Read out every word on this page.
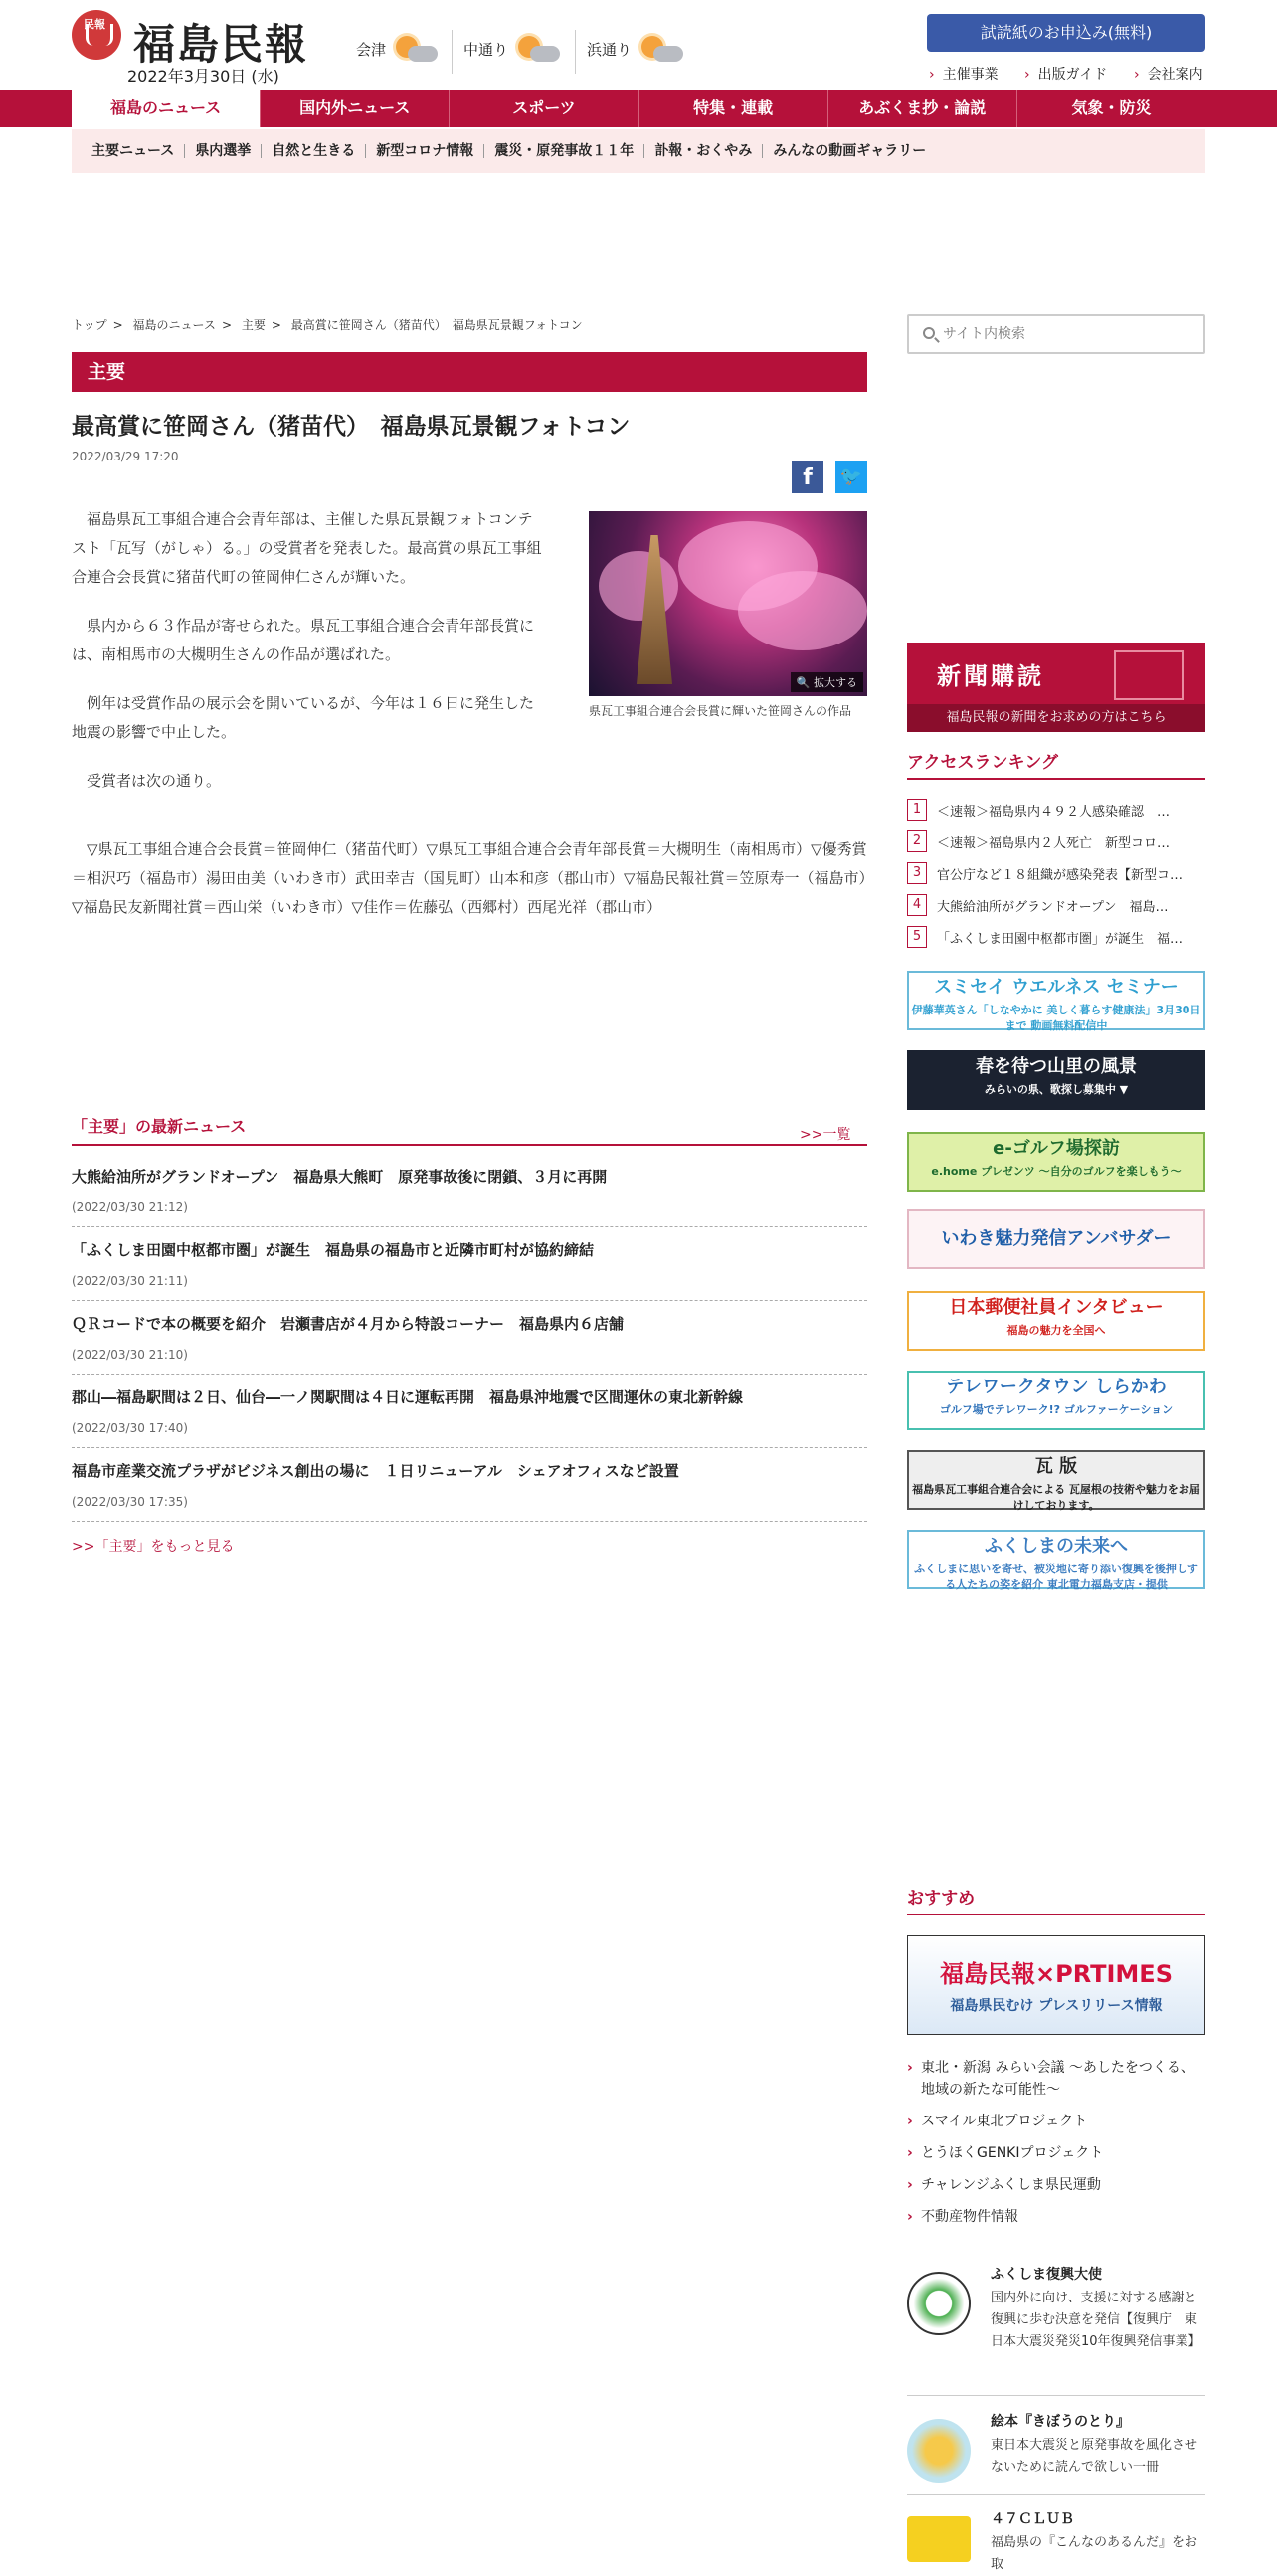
民報 福島民報
2022年3月30日 (水)
会津	中通り	浜通り
試読紙のお申込み(無料)
› 主催事業 › 出版ガイド › 会社案内
福島のニュース	国内外ニュース	スポーツ	特集・連載	あぶくま抄・論説	気象・防災
主要ニュース	県内選挙	自然と生きる	新型コロナ情報	震災・原発事故１１年	訃報・おくやみ	みんなの動画ギャラリー
トップ > 福島のニュース > 主要 > 最高賞に笹岡さん（猪苗代）　福島県瓦景観フォトコン
サイト内検索
主要
最高賞に笹岡さん（猪苗代）　福島県瓦景観フォトコン
2022/03/29 17:20
f	🐦

福島県瓦工事組合連合会青年部は、主催した県瓦景観フォトコンテスト「瓦写（がしゃ）る。」の受賞者を発表した。最高賞の県瓦工事組合連合会長賞に猪苗代町の笹岡伸仁さんが輝いた。

県内から６３作品が寄せられた。県瓦工事組合連合会青年部長賞には、南相馬市の大槻明生さんの作品が選ばれた。

例年は受賞作品の展示会を開いているが、今年は１６日に発生した地震の影響で中止した。

受賞者は次の通り。

🔍 拡大する
県瓦工事組合連合会長賞に輝いた笹岡さんの作品

▽県瓦工事組合連合会長賞＝笹岡伸仁（猪苗代町）▽県瓦工事組合連合会青年部長賞＝大槻明生（南相馬市）▽優秀賞＝相沢巧（福島市）湯田由美（いわき市）武田幸吉（国見町）山本和彦（郡山市）▽福島民報社賞＝笠原寿一（福島市）▽福島民友新聞社賞＝西山栄（いわき市）▽佳作＝佐藤弘（西郷村）西尾光祥（郡山市）

「主要」の最新ニュース	>>一覧
大熊給油所がグランドオープン　福島県大熊町　原発事故後に閉鎖、３月に再開
(2022/03/30 21:12)
「ふくしま田園中枢都市圏」が誕生　福島県の福島市と近隣市町村が協約締結
(2022/03/30 21:11)
ＱＲコードで本の概要を紹介　岩瀬書店が４月から特設コーナー　福島県内６店舗
(2022/03/30 21:10)
郡山―福島駅間は２日、仙台―一ノ関駅間は４日に運転再開　福島県沖地震で区間運休の東北新幹線
(2022/03/30 17:40)
福島市産業交流プラザがビジネス創出の場に　１日リニューアル　シェアオフィスなど設置
(2022/03/30 17:35)
>>「主要」をもっと見る
新聞購読
福島民報の新聞をお求めの方はこちら
アクセスランキング
1	＜速報＞福島県内４９２人感染確認　…
2	＜速報＞福島県内２人死亡　新型コロ…
3	官公庁など１８組織が感染発表【新型コ…
4	大熊給油所がグランドオープン　福島…
5	「ふくしま田園中枢都市圏」が誕生　福…
スミセイ ウエルネス セミナー
伊藤華英さん「しなやかに 美しく暮らす健康法」3月30日まで 動画無料配信中
春を待つ山里の風景
みらいの県、歌探し募集中 ▼
e-ゴルフ場探訪
e.home プレゼンツ 〜自分のゴルフを楽しもう〜
いわき魅力発信アンバサダー
日本郵便社員インタビュー
福島の魅力を全国へ
テレワークタウン しらかわ
ゴルフ場でテレワーク!? ゴルファーケーション
瓦 版
福島県瓦工事組合連合会による 瓦屋根の技術や魅力をお届けしております。
ふくしまの未来へ
ふくしまに思いを寄せ、被災地に寄り添い復興を後押しする人たちの姿を紹介 東北電力福島支店・提供
おすすめ
福島民報×PRTIMES
福島県民むけ プレスリリース情報
› 東北・新潟 みらい会議 〜あしたをつくる、地域の新たな可能性〜
› スマイル東北プロジェクト
› とうほくGENKIプロジェクト
› チャレンジふくしま県民運動
› 不動産物件情報
ふくしま復興大使
国内外に向け、支援に対する感謝と復興に歩む決意を発信【復興庁　東日本大震災発災10年復興発信事業】
絵本『きぼうのとり』
東日本大震災と原発事故を風化させないために読んで欲しい一冊
４７ＣＬＵＢ
福島県の『こんなのあるんだ』をお取
